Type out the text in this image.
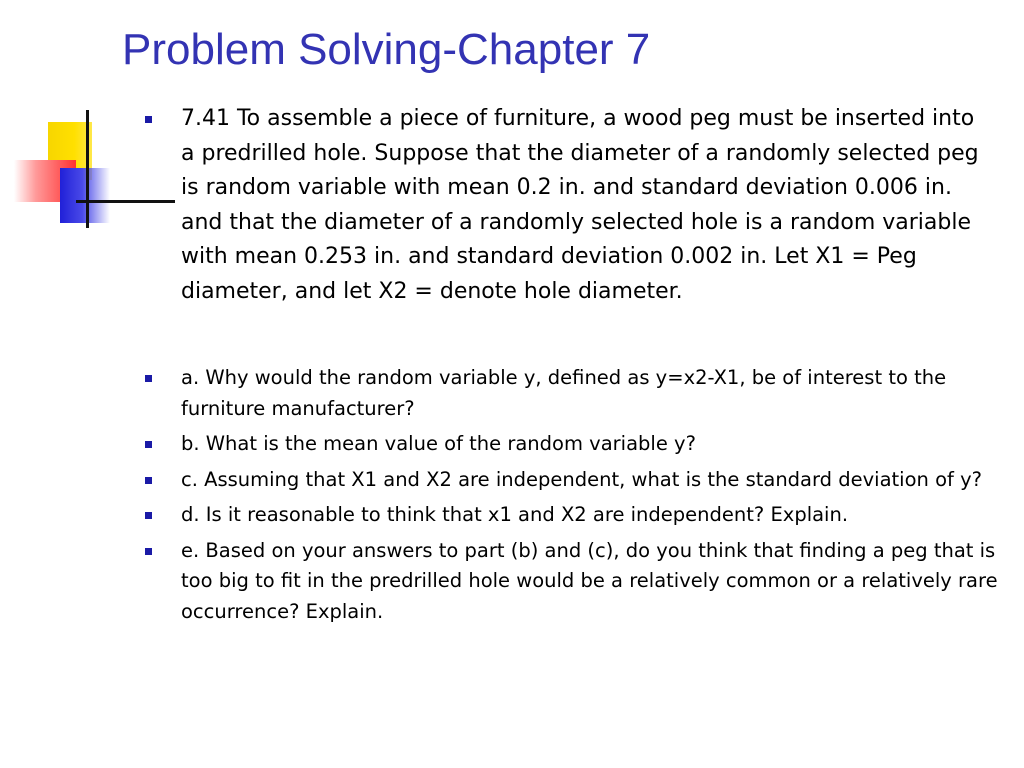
Problem Solving-Chapter 7
7.41 To assemble a piece of furniture, a wood peg must be inserted into a predrilled hole. Suppose that the diameter of a randomly selected peg is random variable with mean 0.2 in. and standard deviation 0.006 in. and that the diameter of a randomly selected hole is a random variable with mean 0.253 in. and standard deviation 0.002 in. Let X1 = Peg diameter, and let X2 = denote hole diameter.
a. Why would the random variable y, defined as y=x2-X1, be of interest to the furniture manufacturer?
b. What is the mean value of the random variable y?
c. Assuming that X1 and X2 are independent, what is the standard deviation of y?
d. Is it reasonable to think that x1 and X2 are independent? Explain.
e. Based on your answers to part (b) and (c), do you think that finding a peg that is too big to fit in the predrilled hole would be a relatively common or a relatively rare occurrence? Explain.
